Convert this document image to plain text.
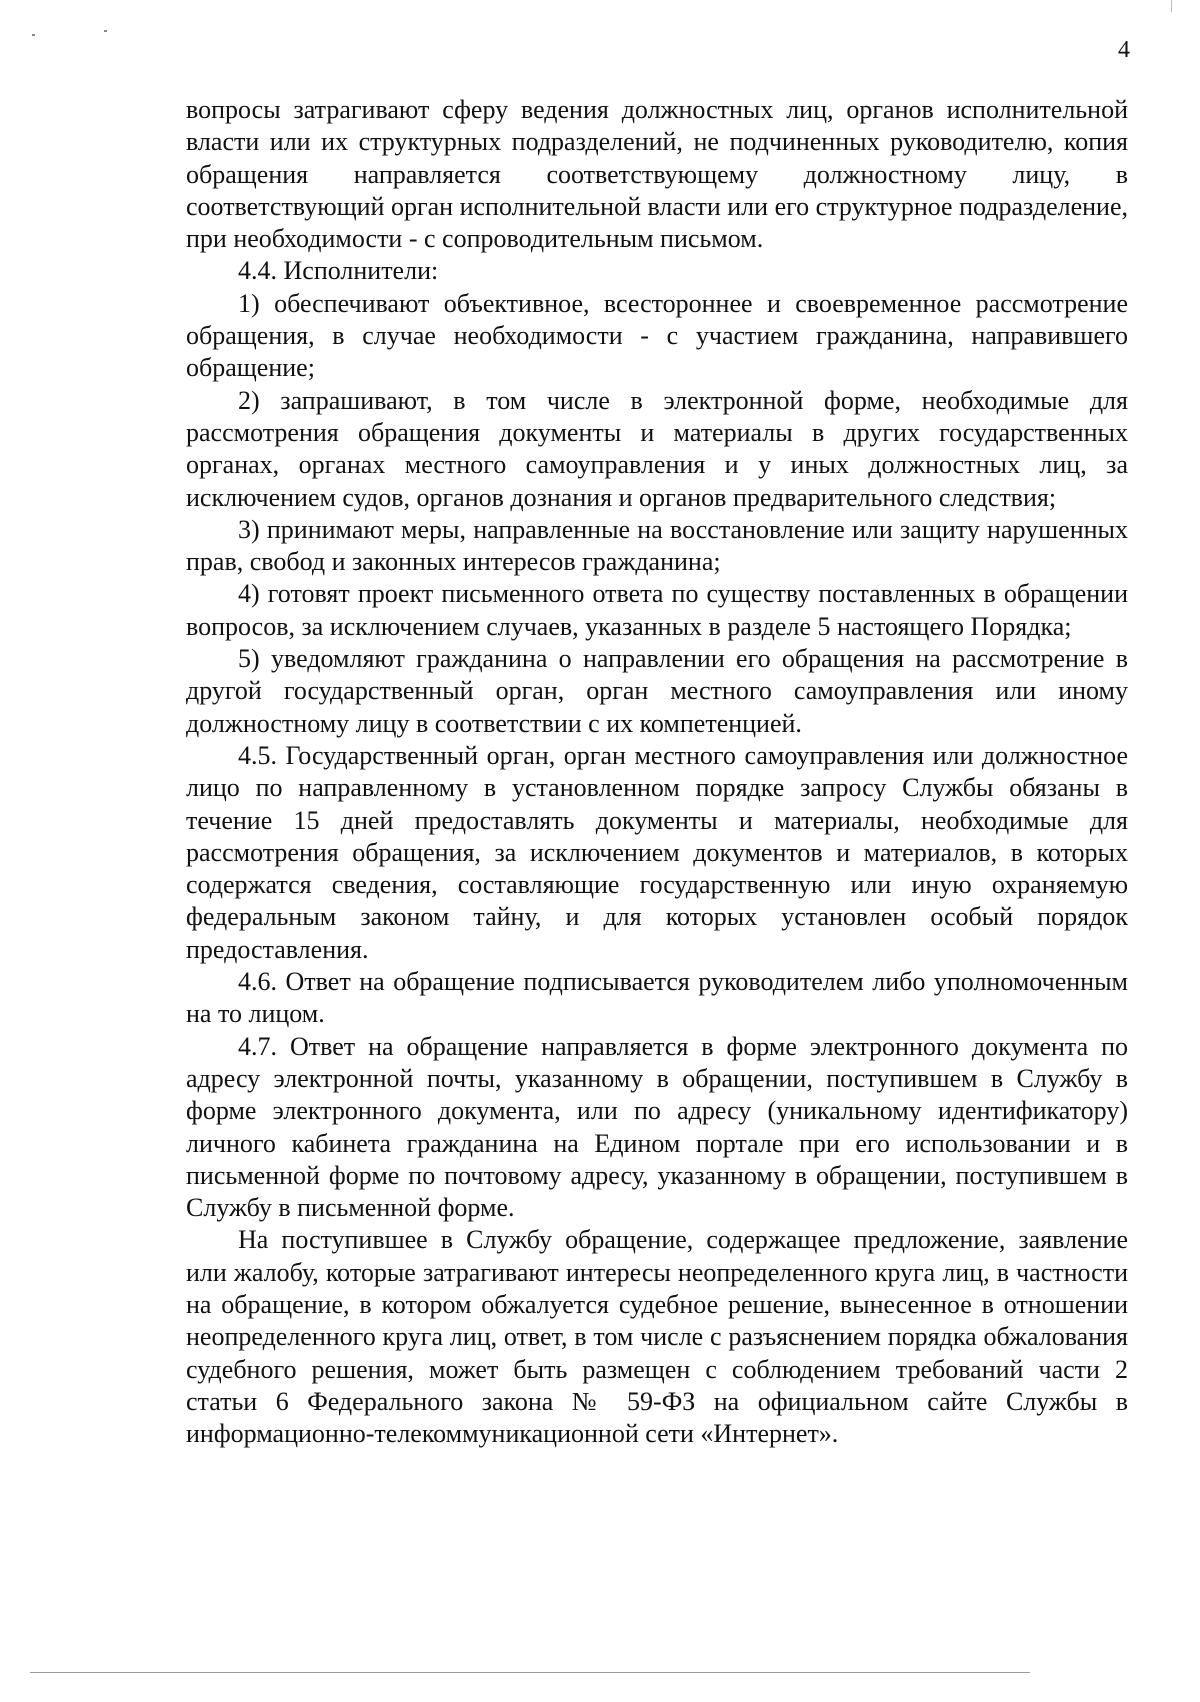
4

вопросы затрагивают сферу ведения должностных лиц, органов исполнительной власти или их структурных подразделений, не подчиненных руководителю, копия обращения направляется соответствующему должностному лицу, в соответствующий орган исполнительной власти или его структурное подразделение, при необходимости - с сопроводительным письмом.

4.4. Исполнители:

1) обеспечивают объективное, всестороннее и своевременное рассмотрение обращения, в случае необходимости - с участием гражданина, направившего обращение;

2) запрашивают, в том числе в электронной форме, необходимые для рассмотрения обращения документы и материалы в других государственных органах, органах местного самоуправления и у иных должностных лиц, за исключением судов, органов дознания и органов предварительного следствия;

3) принимают меры, направленные на восстановление или защиту нарушенных прав, свобод и законных интересов гражданина;

4) готовят проект письменного ответа по существу поставленных в обращении вопросов, за исключением случаев, указанных в разделе 5 настоящего Порядка;

5) уведомляют гражданина о направлении его обращения на рассмотрение в другой государственный орган, орган местного самоуправления или иному должностному лицу в соответствии с их компетенцией.

4.5. Государственный орган, орган местного самоуправления или должностное лицо по направленному в установленном порядке запросу Службы обязаны в течение 15 дней предоставлять документы и материалы, необходимые для рассмотрения обращения, за исключением документов и материалов, в которых содержатся сведения, составляющие государственную или иную охраняемую федеральным законом тайну, и для которых установлен особый порядок предоставления.

4.6. Ответ на обращение подписывается руководителем либо уполномоченным на то лицом.

4.7. Ответ на обращение направляется в форме электронного документа по адресу электронной почты, указанному в обращении, поступившем в Службу в форме электронного документа, или по адресу (уникальному идентификатору) личного кабинета гражданина на Едином портале при его использовании и в письменной форме по почтовому адресу, указанному в обращении, поступившем в Службу в письменной форме.

На поступившее в Службу обращение, содержащее предложение, заявление или жалобу, которые затрагивают интересы неопределенного круга лиц, в частности на обращение, в котором обжалуется судебное решение, вынесенное в отношении неопределенного круга лиц, ответ, в том числе с разъяснением порядка обжалования судебного решения, может быть размещен с соблюдением требований части 2 статьи 6 Федерального закона № 59-ФЗ на официальном сайте Службы в информационно-телекоммуникационной сети «Интернет».
